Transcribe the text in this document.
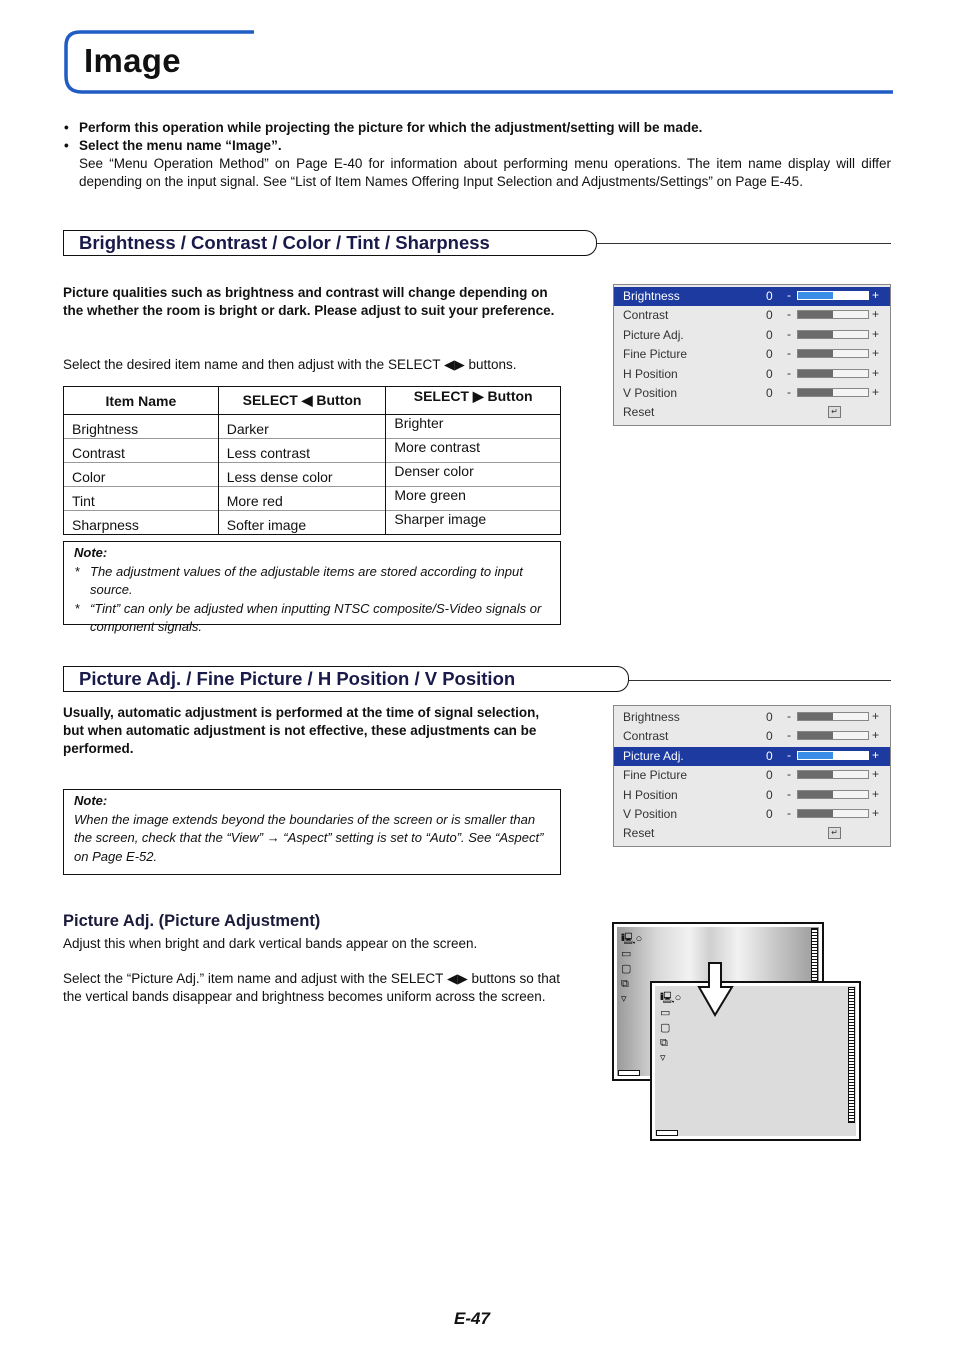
Image
• Perform this operation while projecting the picture for which the adjustment/setting will be made.
• Select the menu name “Image”.
See “Menu Operation Method” on Page E-40 for information about performing menu operations. The item name display will differ depending on the input signal. See “List of Item Names Offering Input Selection and Adjustments/Settings” on Page E-45.
Brightness / Contrast / Color / Tint / Sharpness
Picture qualities such as brightness and contrast will change depending on the whether the room is bright or dark. Please adjust to suit your preference.
Select the desired item name and then adjust with the SELECT ◀▶ buttons.
Item Name	SELECT ◀ Button	SELECT ▶ Button
Brightness	Darker	Brighter
Contrast	Less contrast	More contrast
Color	Less dense color	Denser color
Tint	More red	More green
Sharpness	Softer image	Sharper image
Note:
* The adjustment values of the adjustable items are stored according to input source.
* “Tint” can only be adjusted when inputting NTSC composite/S-Video signals or component signals.
Brightness	0 -	+
Contrast	0 -	+
Picture Adj.	0 -	+
Fine Picture	0 -	+
H Position	0 -	+
V Position	0 -	+
Reset	↵
Picture Adj. / Fine Picture / H Position / V Position
Usually, automatic adjustment is performed at the time of signal selection, but when automatic adjustment is not effective, these adjustments can be performed.
Note:
When the image extends beyond the boundaries of the screen or is smaller than the screen, check that the “View” → “Aspect” setting is set to “Auto”. See “Aspect” on Page E-52.
Brightness	0 -	+
Contrast	0 -	+
Picture Adj.	0 -	+
Fine Picture	0 -	+
H Position	0 -	+
V Position	0 -	+
Reset	↵
Picture Adj. (Picture Adjustment)
Adjust this when bright and dark vertical bands appear on the screen.
Select the “Picture Adj.” item name and adjust with the SELECT ◀▶ buttons so that the vertical bands disappear and brightness becomes uniform across the screen.
🖳○
▭
▢
⧉
▿	🖳○
▭
▢
⧉
▿
E-47
